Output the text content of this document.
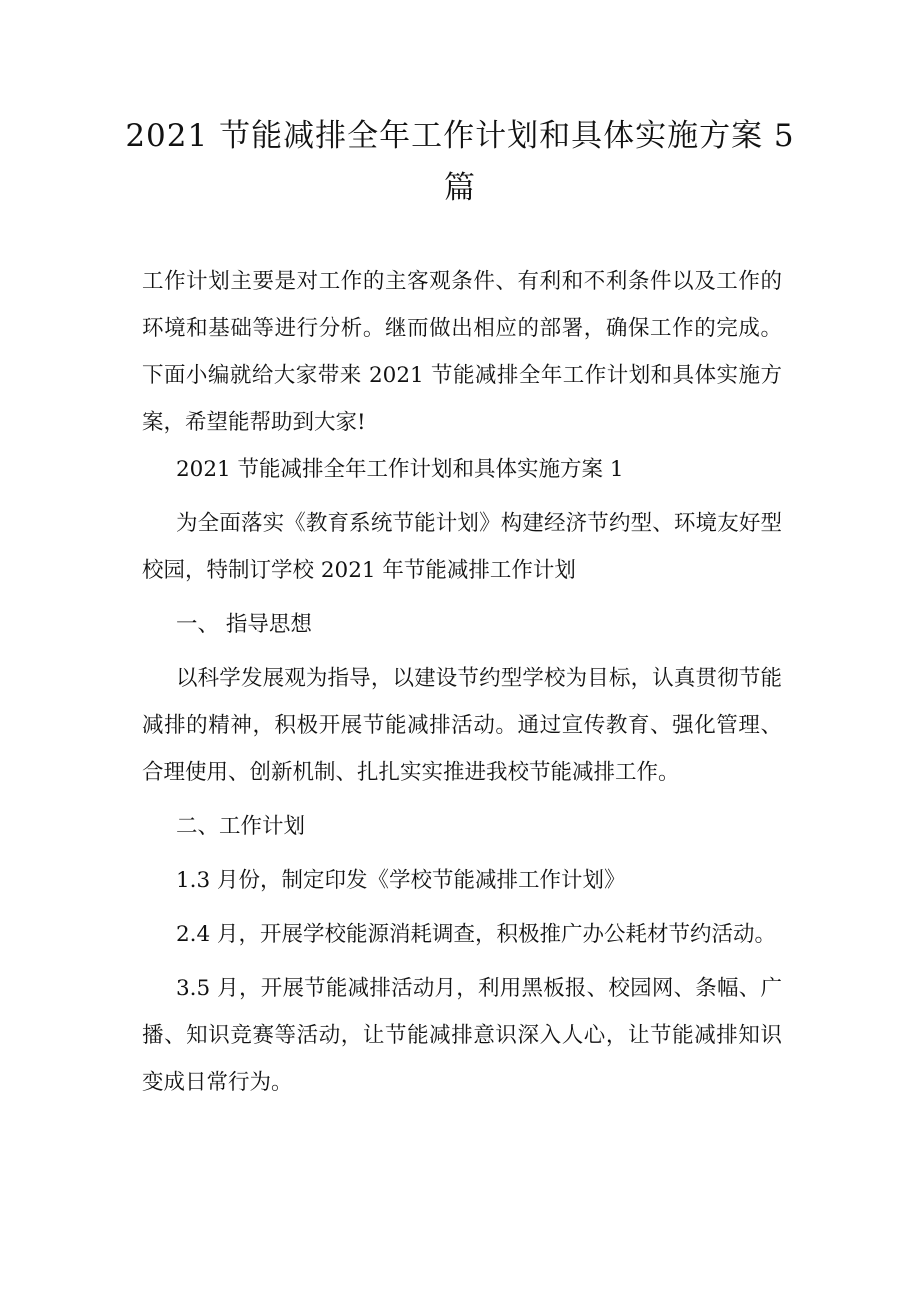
2021 节能减排全年工作计划和具体实施方案 5 篇

工作计划主要是对工作的主客观条件、有利和不利条件以及工作的环境和基础等进行分析。继而做出相应的部署，确保工作的完成。下面小编就给大家带来 2021 节能减排全年工作计划和具体实施方案，希望能帮助到大家!

2021 节能减排全年工作计划和具体实施方案 1

为全面落实《教育系统节能计划》构建经济节约型、环境友好型校园，特制订学校 2021 年节能减排工作计划

一、 指导思想

以科学发展观为指导，以建设节约型学校为目标，认真贯彻节能减排的精神，积极开展节能减排活动。通过宣传教育、强化管理、合理使用、创新机制、扎扎实实推进我校节能减排工作。

二、工作计划

1.3 月份，制定印发《学校节能减排工作计划》

2.4 月，开展学校能源消耗调查，积极推广办公耗材节约活动。

3.5 月，开展节能减排活动月，利用黑板报、校园网、条幅、广播、知识竞赛等活动，让节能减排意识深入人心，让节能减排知识变成日常行为。
